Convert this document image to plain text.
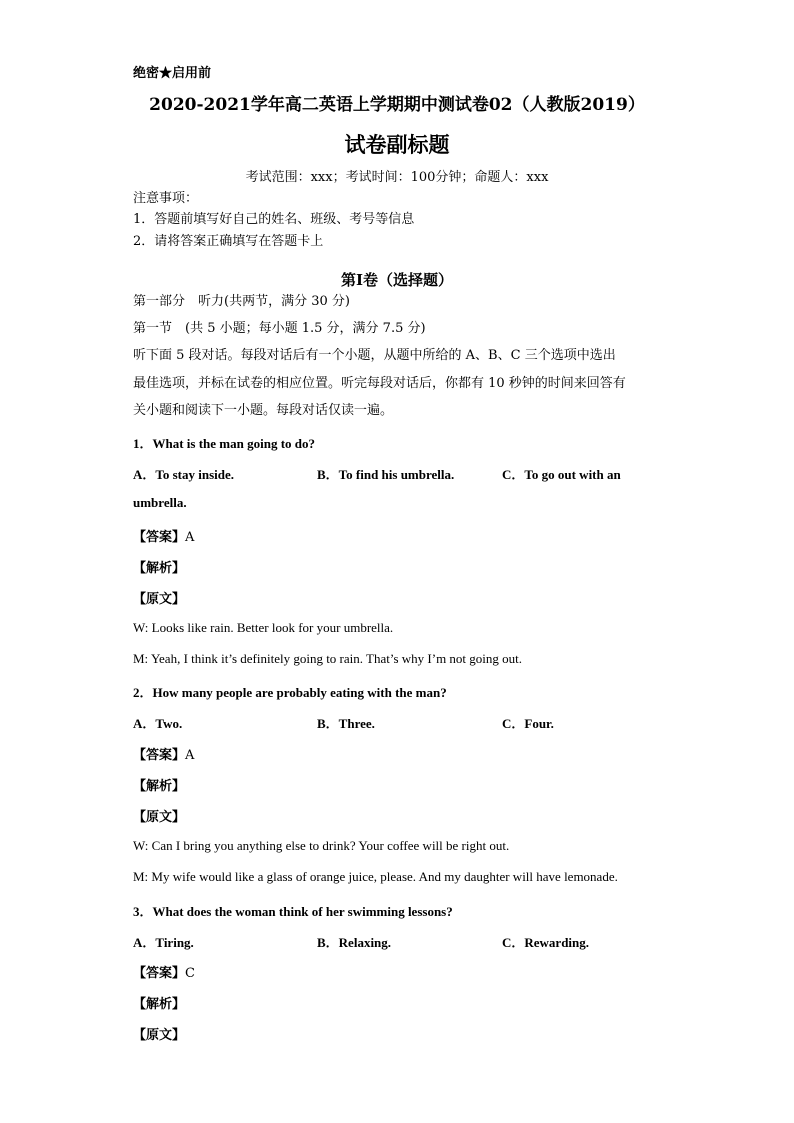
绝密★启用前
2020-2021学年高二英语上学期期中测试卷02（人教版2019）
试卷副标题
考试范围：xxx；考试时间：100分钟；命题人：xxx
注意事项：
1．答题前填写好自己的姓名、班级、考号等信息
2．请将答案正确填写在答题卡上
第I卷（选择题）
第一部分　听力(共两节，满分 30 分)
第一节　(共 5 小题；每小题 1.5 分，满分 7.5 分)
听下面 5 段对话。每段对话后有一个小题，从题中所给的 A、B、C 三个选项中选出
最佳选项，并标在试卷的相应位置。听完每段对话后，你都有 10 秒钟的时间来回答有
关小题和阅读下一小题。每段对话仅读一遍。
1．What is the man going to do?
A．To stay inside.	B．To find his umbrella.	C．To go out with an
umbrella.
【答案】A
【解析】
【原文】
W: Looks like rain. Better look for your umbrella.
M: Yeah, I think it’s definitely going to rain. That’s why I’m not going out.
2．How many people are probably eating with the man?
A．Two.	B．Three.	C．Four.
【答案】A
【解析】
【原文】
W: Can I bring you anything else to drink? Your coffee will be right out.
M: My wife would like a glass of orange juice, please. And my daughter will have lemonade.
3．What does the woman think of her swimming lessons?
A．Tiring.	B．Relaxing.	C．Rewarding.
【答案】C
【解析】
【原文】
